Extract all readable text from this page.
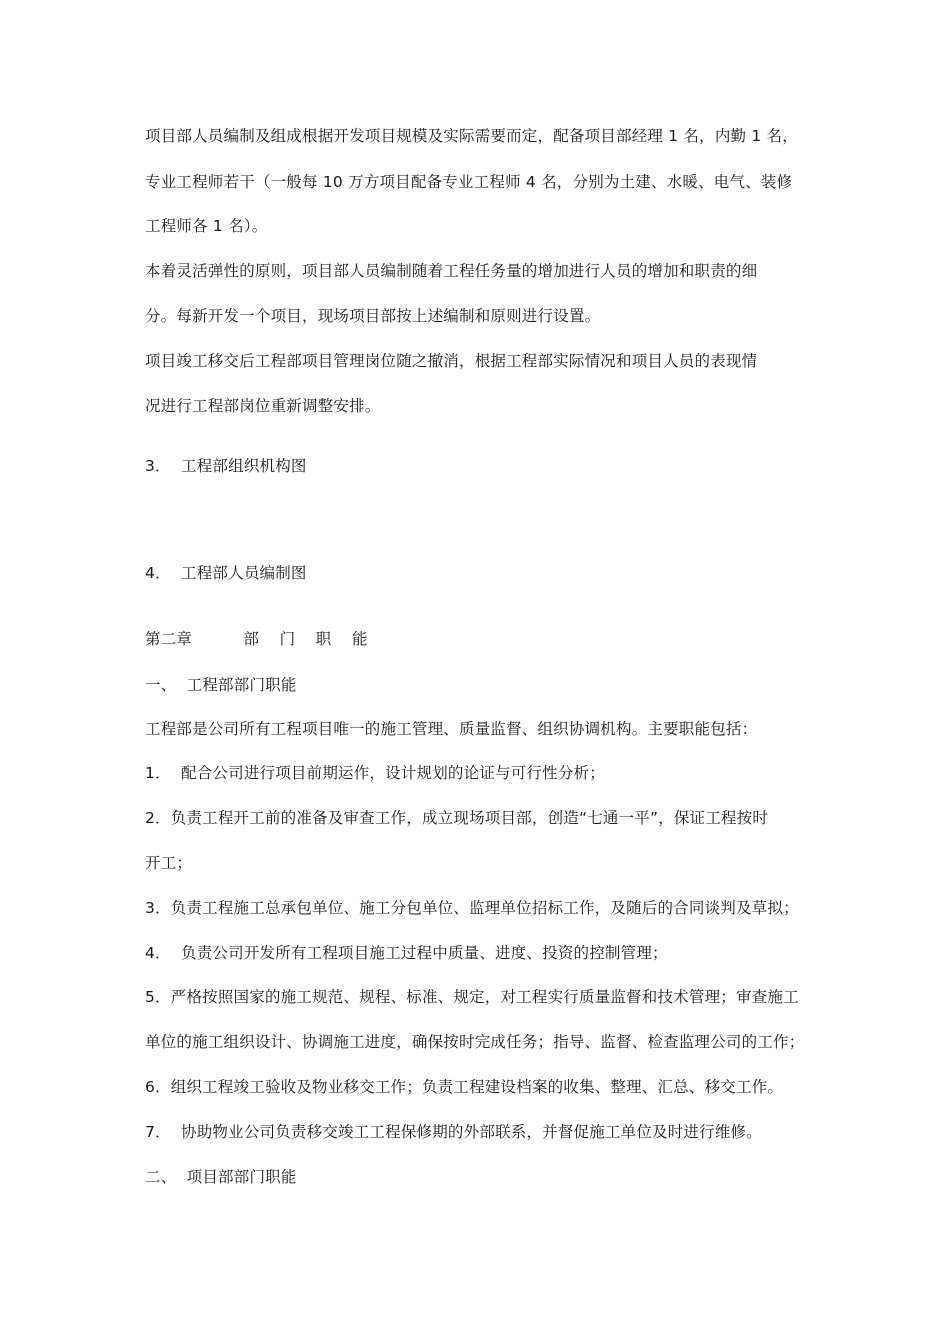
项目部人员编制及组成根据开发项目规模及实际需要而定，配备项目部经理 1 名，内勤 1 名，
专业工程师若干（一般每 10 万方项目配备专业工程师 4 名，分别为土建、水暖、电气、装修
工程师各 1 名）。
本着灵活弹性的原则，项目部人员编制随着工程任务量的增加进行人员的增加和职责的细
分。每新开发一个项目，现场项目部按上述编制和原则进行设置。
项目竣工移交后工程部项目管理岗位随之撤消，根据工程部实际情况和项目人员的表现情
况进行工程部岗位重新调整安排。
3．  工程部组织机构图
4．  工程部人员编制图
第二章          部    门    职    能
一、  工程部部门职能
工程部是公司所有工程项目唯一的施工管理、质量监督、组织协调机构。主要职能包括：
1．  配合公司进行项目前期运作，设计规划的论证与可行性分析；
2．负责工程开工前的准备及审查工作，成立现场项目部，创造“七通一平”，保证工程按时
开工；
3．负责工程施工总承包单位、施工分包单位、监理单位招标工作，及随后的合同谈判及草拟；
4．  负责公司开发所有工程项目施工过程中质量、进度、投资的控制管理；
5．严格按照国家的施工规范、规程、标准、规定，对工程实行质量监督和技术管理；审查施工
单位的施工组织设计、协调施工进度，确保按时完成任务；指导、监督、检查监理公司的工作；
6．组织工程竣工验收及物业移交工作；负责工程建设档案的收集、整理、汇总、移交工作。
7．  协助物业公司负责移交竣工工程保修期的外部联系，并督促施工单位及时进行维修。
二、  项目部部门职能
